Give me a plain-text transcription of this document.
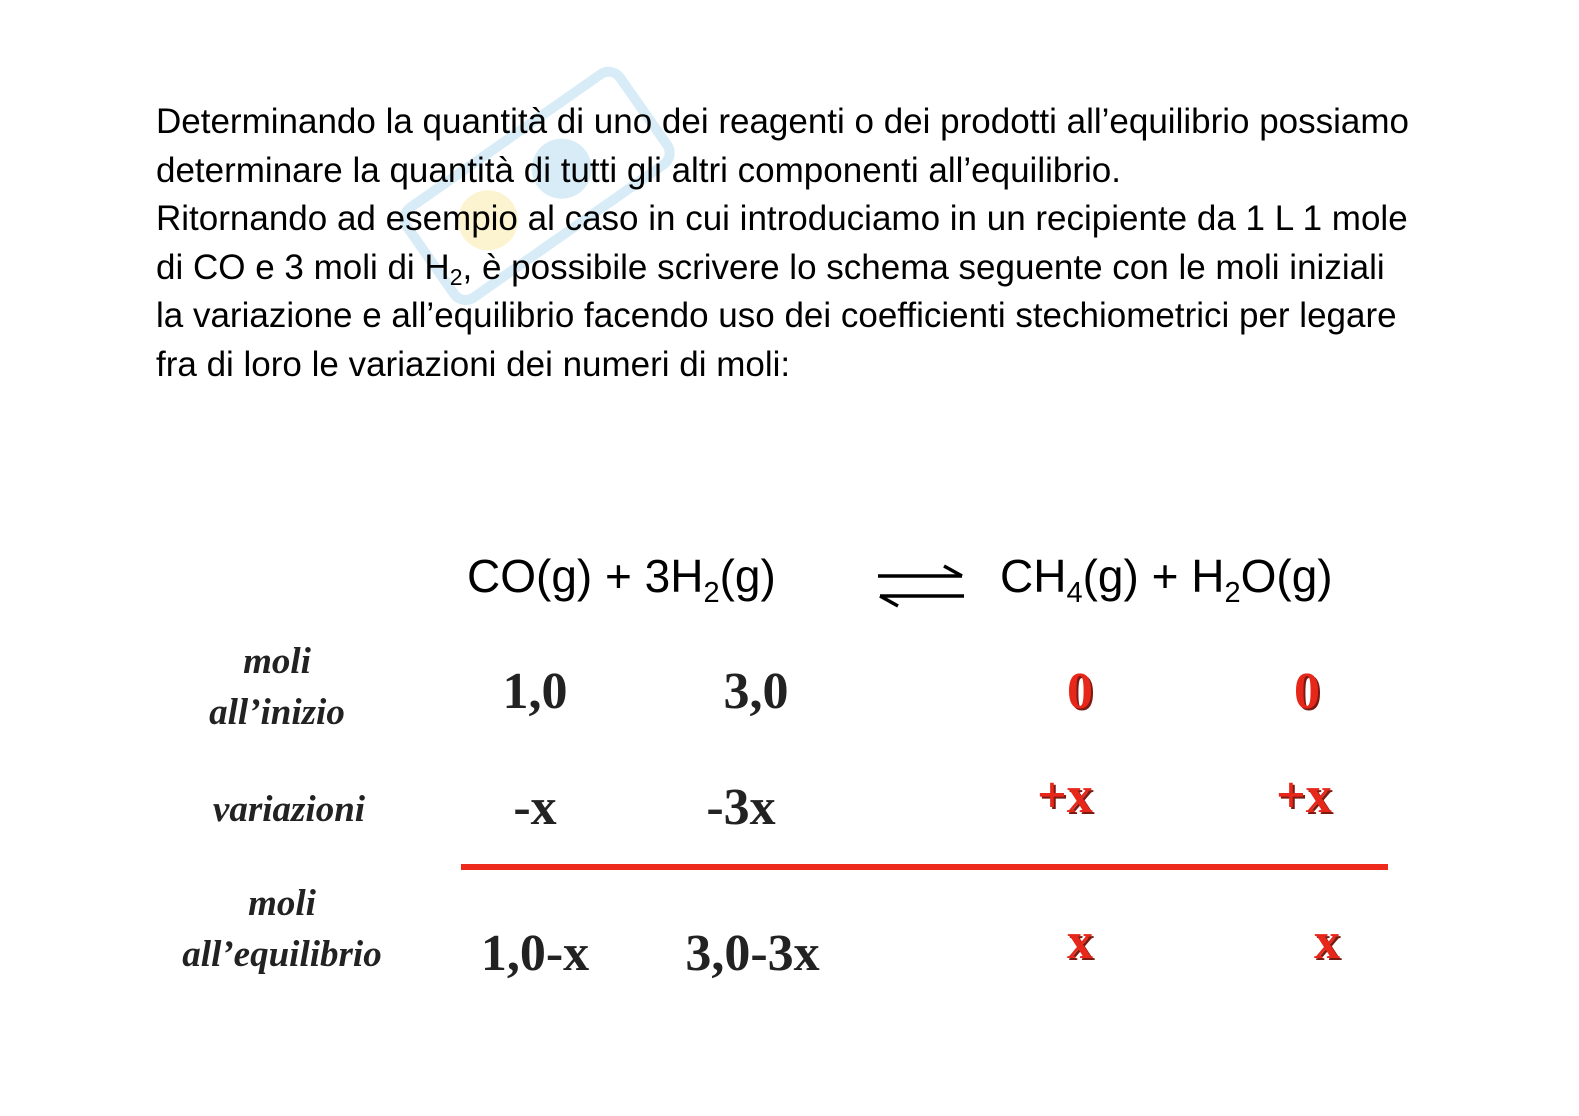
Determinando la quantità di uno dei reagenti o dei prodotti all’equilibrio possiamo determinare la quantità di tutti gli altri componenti all’equilibrio.

Ritornando ad esempio al caso in cui introduciamo in un recipiente da 1 L 1 mole di CO e 3 moli di $H_2$, è possibile scrivere lo schema seguente con le moli iniziali la variazione e all’equilibrio facendo uso dei coefficienti stechiometrici per legare fra di loro le variazioni dei numeri di moli:

$CO(g) + 3H_2(g)$	$CH_4(g) + H_2O(g)$
moli
all’inizio	1,0	3,0	0	0
variazioni	-x	-3x	+x	+x
moli
all’equilibrio	1,0-x	3,0-3x	x	x
